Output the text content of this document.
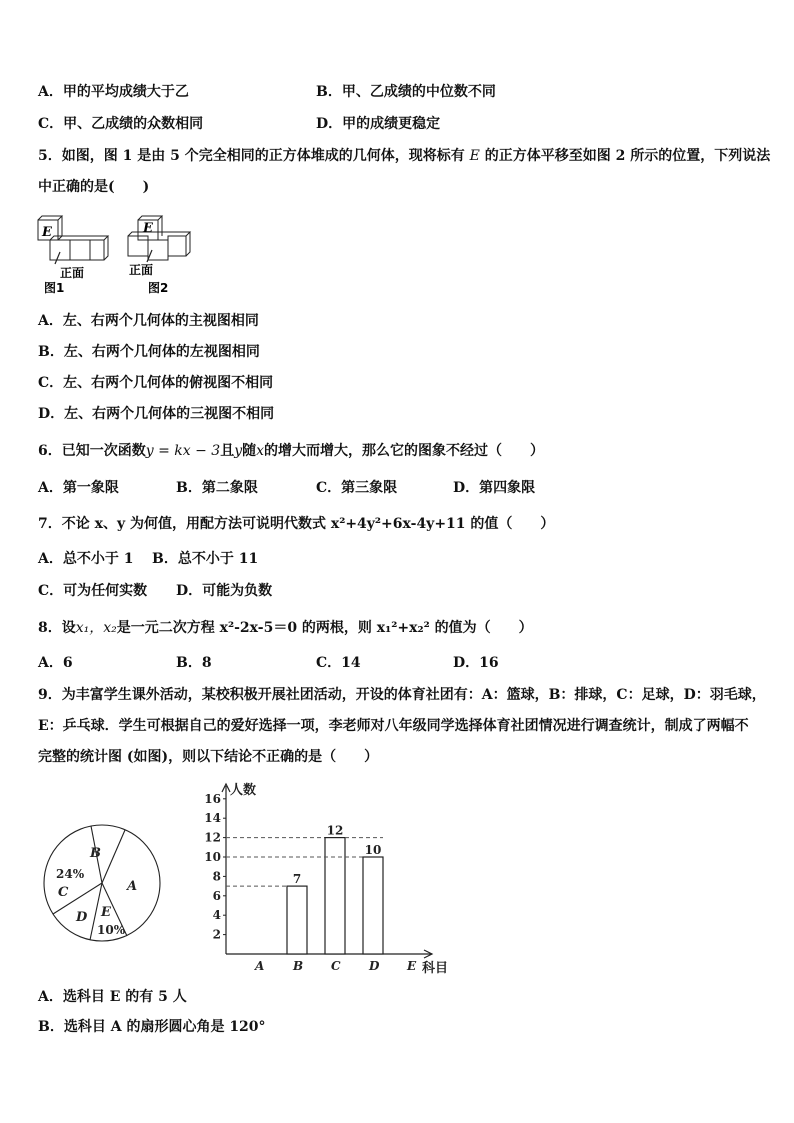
A．甲的平均成绩大于乙	B．甲、乙成绩的中位数不同
C．甲、乙成绩的众数相同	D．甲的成绩更稳定
5．如图，图 1 是由 5 个完全相同的正方体堆成的几何体，现将标有 E 的正方体平移至如图 2 所示的位置，下列说法
中正确的是(　　)
E	E
正面	正面
图1	图2
A．左、右两个几何体的主视图相同
B．左、右两个几何体的左视图相同
C．左、右两个几何体的俯视图不相同
D．左、右两个几何体的三视图不相同
6．已知一次函数y = kx − 3且y随x的增大而增大，那么它的图象不经过（　　）
A．第一象限	B．第二象限	C．第三象限	D．第四象限
7．不论 x、y 为何值，用配方法可说明代数式 x²+4y²+6x-4y+11 的值（　　）
A．总不小于 1 B．总不小于 11
C．可为任何实数 D．可能为负数
8．设x₁，x₂是一元二次方程 x²-2x-5＝0 的两根，则 x₁²+x₂² 的值为（　　）
A．6	B．8	C．14	D．16
9．为丰富学生课外活动，某校积极开展社团活动，开设的体育社团有：A：篮球，B：排球，C：足球，D：羽毛球，
E：乒乓球．学生可根据自己的爱好选择一项，李老师对八年级同学选择体育社团情况进行调查统计，制成了两幅不
完整的统计图 (如图)，则以下结论不正确的是（　　）
B
A
24%
C
D E
10%	2
4
6
8
10
12
14
16
人数
科目
A B
7
C
12
D
10
E
A．选科目 E 的有 5 人
B．选科目 A 的扇形圆心角是 120°
